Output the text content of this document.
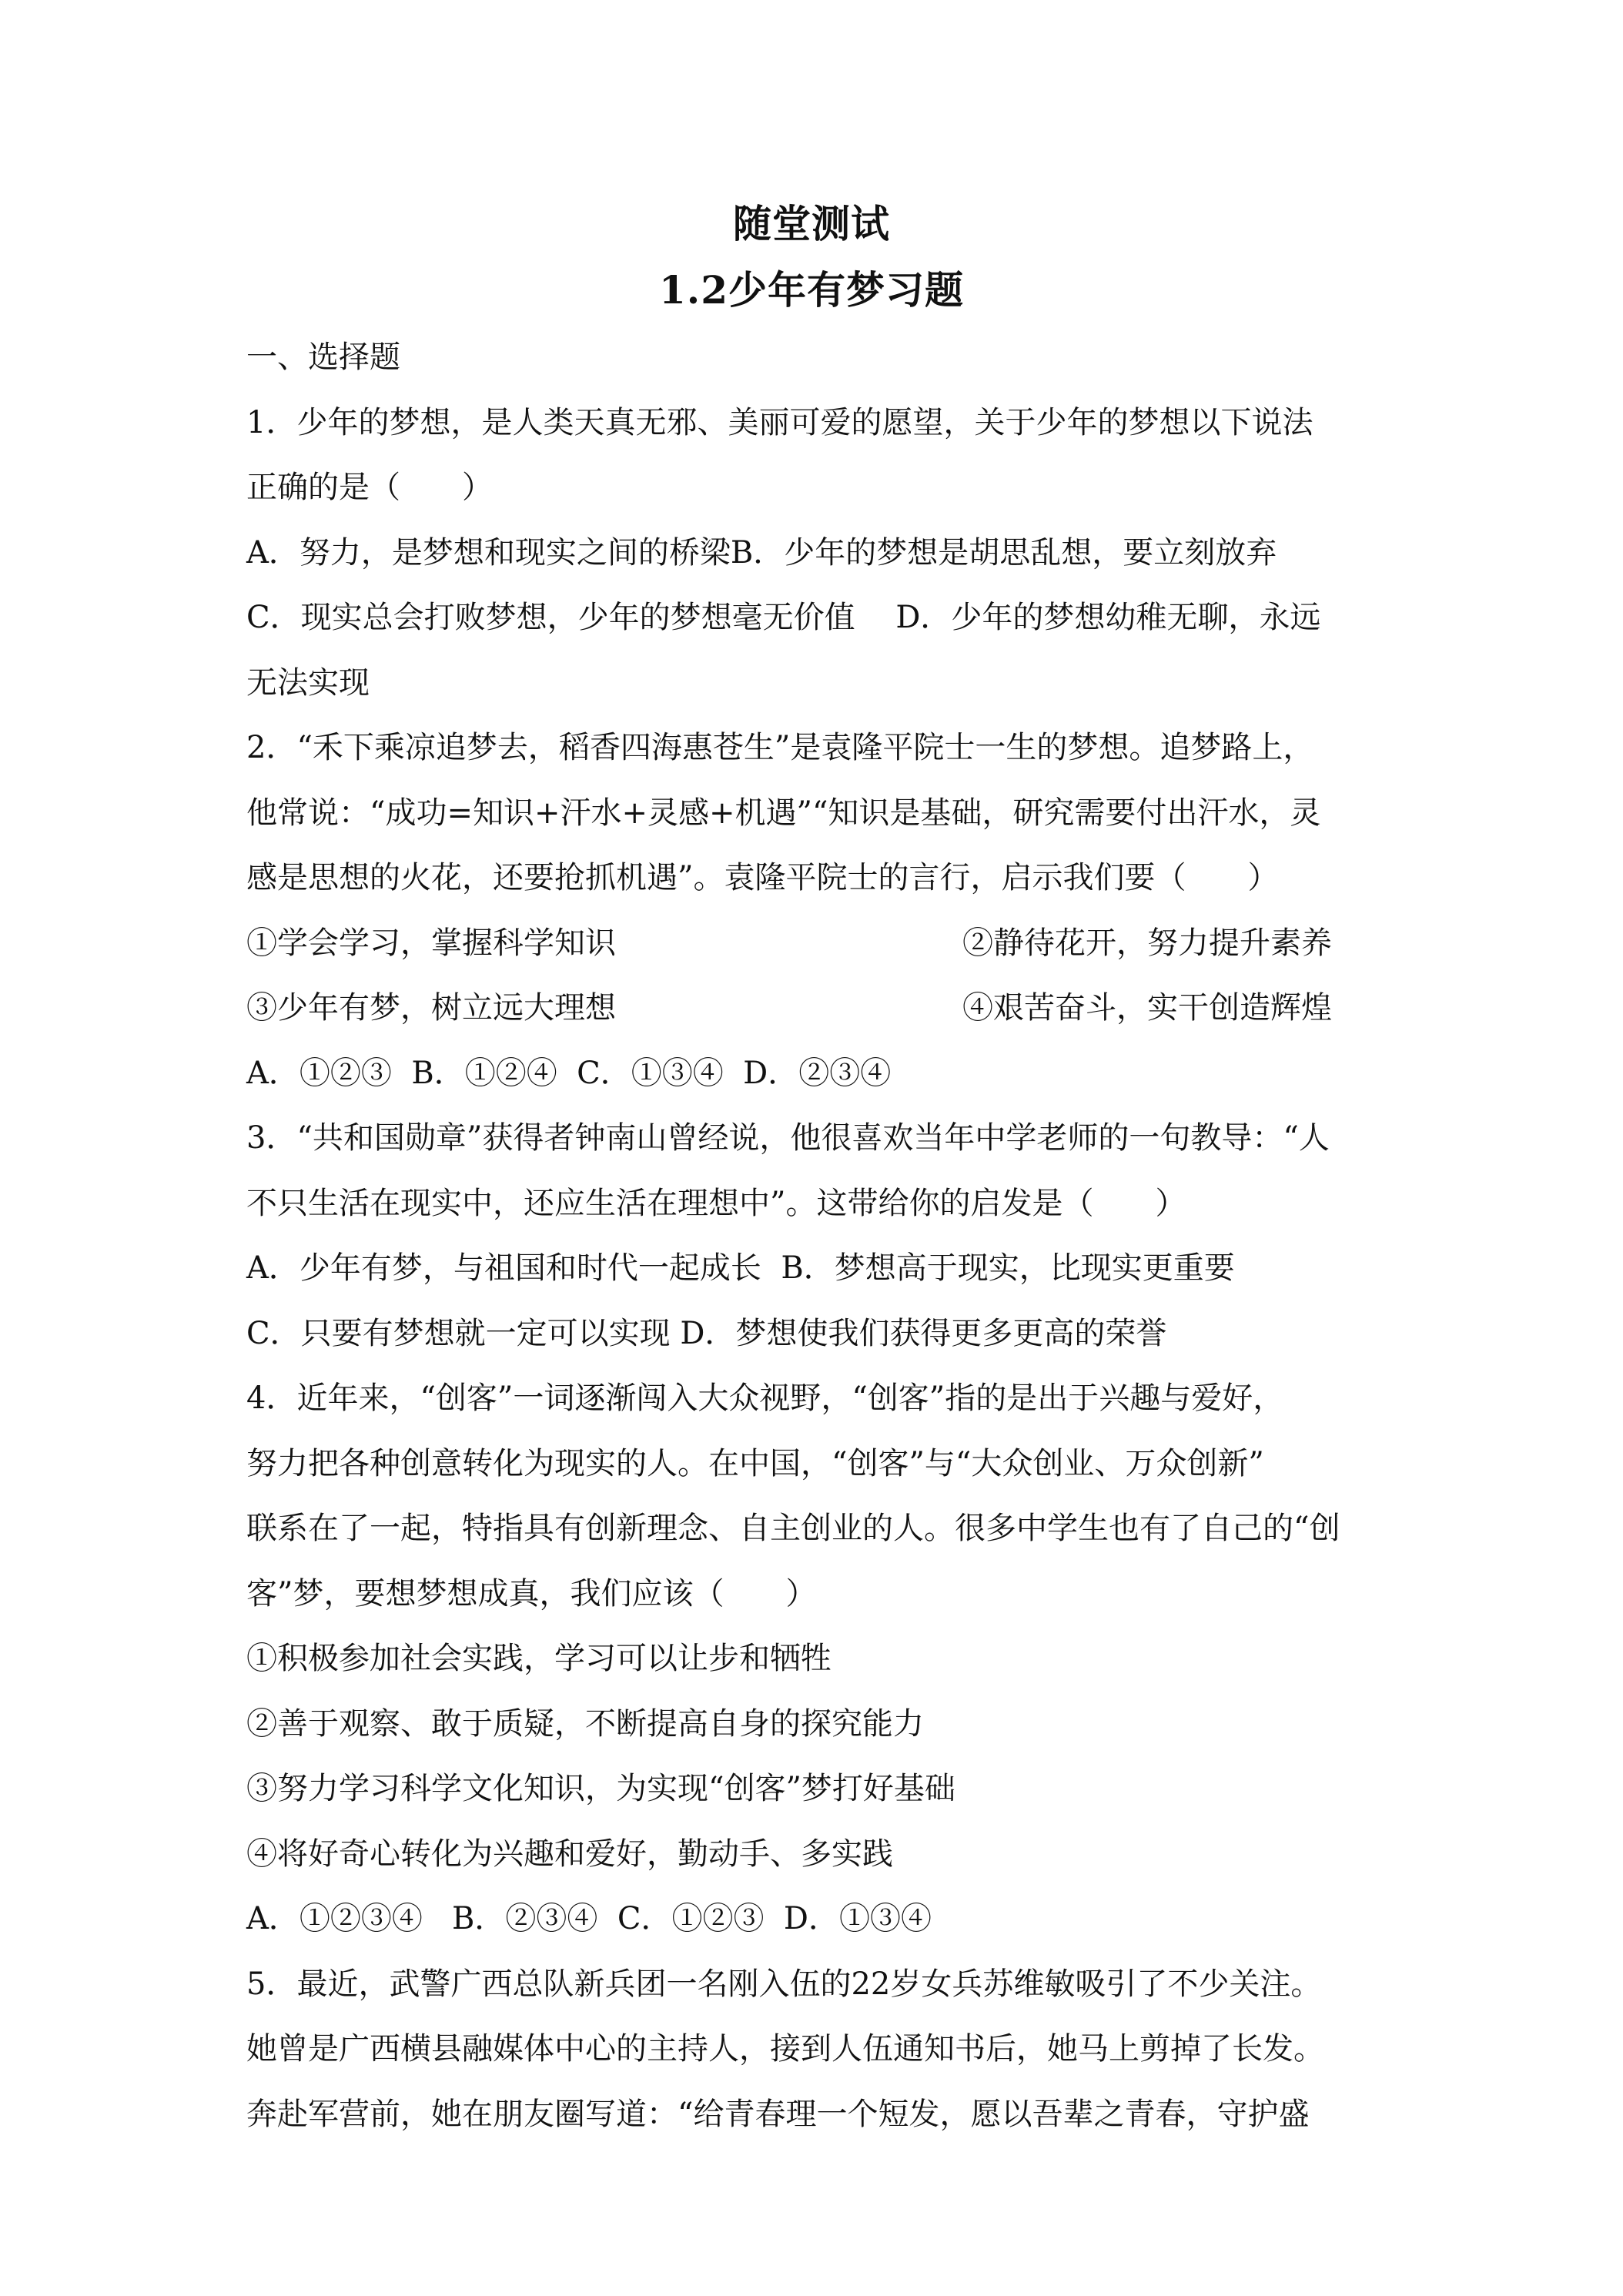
随堂测试
1.2少年有梦习题
一、选择题
1．少年的梦想，是人类天真无邪、美丽可爱的愿望，关于少年的梦想以下说法
正确的是（　　）
A．努力，是梦想和现实之间的桥梁B．少年的梦想是胡思乱想，要立刻放弃
C．现实总会打败梦想，少年的梦想毫无价值　 D．少年的梦想幼稚无聊，永远
无法实现
2．“禾下乘凉追梦去，稻香四海惠苍生”是袁隆平院士一生的梦想。追梦路上，
他常说：“成功=知识+汗水+灵感+机遇”“知识是基础，研究需要付出汗水，灵
感是思想的火花，还要抢抓机遇”。袁隆平院士的言行，启示我们要（　　）
①学会学习，掌握科学知识	②静待花开，努力提升素养
③少年有梦，树立远大理想	④艰苦奋斗，实干创造辉煌
A．①②③  B．①②④  C．①③④  D．②③④
3．“共和国勋章”获得者钟南山曾经说，他很喜欢当年中学老师的一句教导：“人
不只生活在现实中，还应生活在理想中”。这带给你的启发是（　　）
A．少年有梦，与祖国和时代一起成长  B．梦想高于现实，比现实更重要
C．只要有梦想就一定可以实现 D．梦想使我们获得更多更高的荣誉
4．近年来，“创客”一词逐渐闯入大众视野，“创客”指的是出于兴趣与爱好，
努力把各种创意转化为现实的人。在中国，“创客”与“大众创业、万众创新”
联系在了一起，特指具有创新理念、自主创业的人。很多中学生也有了自己的“创
客”梦，要想梦想成真，我们应该（　　）
①积极参加社会实践，学习可以让步和牺牲
②善于观察、敢于质疑，不断提高自身的探究能力
③努力学习科学文化知识，为实现“创客”梦打好基础
④将好奇心转化为兴趣和爱好，勤动手、多实践
A．①②③④   B．②③④  C．①②③  D．①③④
5．最近，武警广西总队新兵团一名刚入伍的22岁女兵苏维敏吸引了不少关注。
她曾是广西横县融媒体中心的主持人，接到人伍通知书后，她马上剪掉了长发。
奔赴军营前，她在朋友圈写道：“给青春理一个短发，愿以吾辈之青春，守护盛
